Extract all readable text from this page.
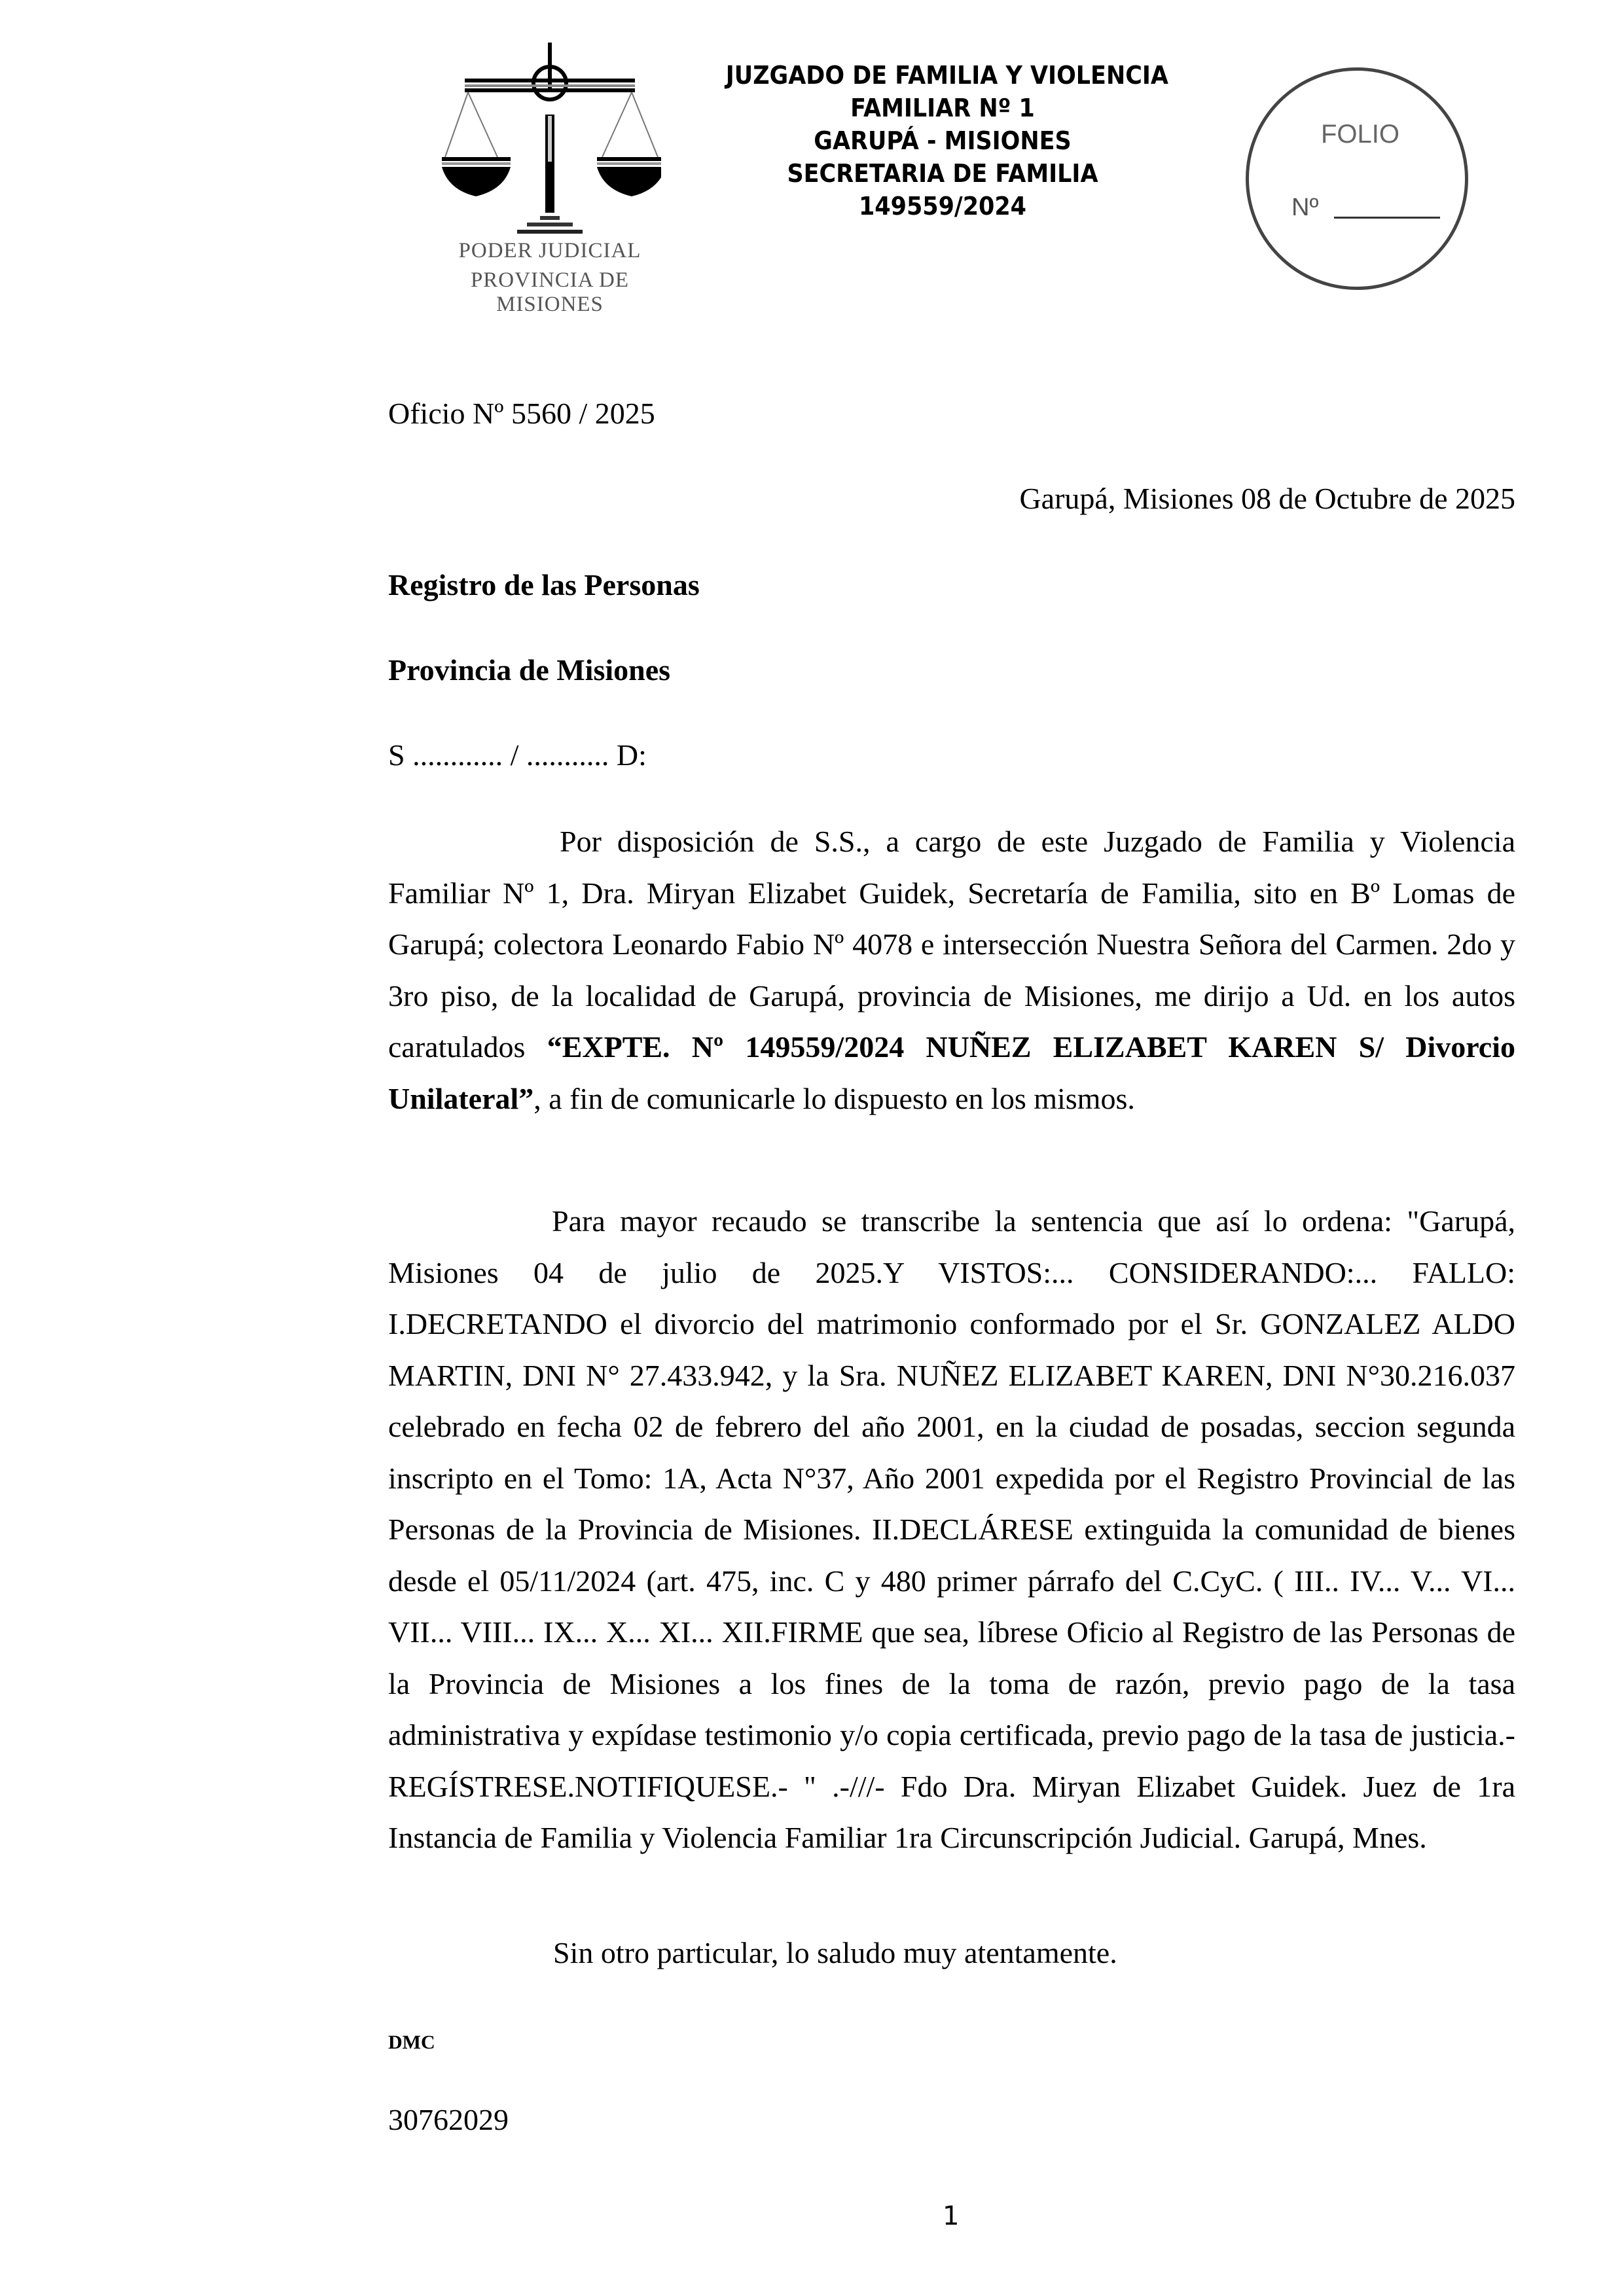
PODER JUDICIAL
PROVINCIA DE MISIONES
JUZGADO DE FAMILIA Y VIOLENCIA
FAMILIAR Nº 1
GARUPÁ - MISIONES
SECRETARIA DE FAMILIA
149559/2024
FOLIO
Nº
Oficio Nº 5560 / 2025
Garupá, Misiones 08 de Octubre de 2025
Registro de las Personas
Provincia de Misiones
S ............ / ........... D:
Por disposición de S.S., a cargo de este Juzgado de Familia y Violencia Familiar Nº 1, Dra. Miryan Elizabet Guidek, Secretaría de Familia, sito en Bº Lomas de Garupá; colectora Leonardo Fabio Nº 4078 e intersección Nuestra Señora del Carmen. 2do y 3ro piso, de la localidad de Garupá, provincia de Misiones, me dirijo a Ud. en los autos caratulados “EXPTE. Nº 149559/2024 NUÑEZ ELIZABET KAREN S/ Divorcio Unilateral”, a fin de comunicarle lo dispuesto en los mismos.
Para mayor recaudo se transcribe la sentencia que así lo ordena: "Garupá, Misiones 04 de julio de 2025.Y VISTOS:... CONSIDERANDO:... FALLO: I.DECRETANDO el divorcio del matrimonio conformado por el Sr. GONZALEZ ALDO MARTIN, DNI N° 27.433.942, y la Sra. NUÑEZ ELIZABET KAREN, DNI N°30.216.037 celebrado en fecha 02 de febrero del año 2001, en la ciudad de posadas, seccion segunda inscripto en el Tomo: 1A, Acta N°37, Año 2001 expedida por el Registro Provincial de las Personas de la Provincia de Misiones. II.DECLÁRESE extinguida la comunidad de bienes desde el 05/11/2024 (art. 475, inc. C y 480 primer párrafo del C.CyC. ( III.. IV... V... VI... VII... VIII... IX... X... XI... XII.FIRME que sea, líbrese Oficio al Registro de las Personas de la Provincia de Misiones a los fines de la toma de razón, previo pago de la tasa administrativa y expídase testimonio y/o copia certificada, previo pago de la tasa de justicia.- REGÍSTRESE.NOTIFIQUESE.- " .-///- Fdo Dra. Miryan Elizabet Guidek. Juez de 1ra Instancia de Familia y Violencia Familiar 1ra Circunscripción Judicial. Garupá, Mnes.
Sin otro particular, lo saludo muy atentamente.
DMC
30762029
1
